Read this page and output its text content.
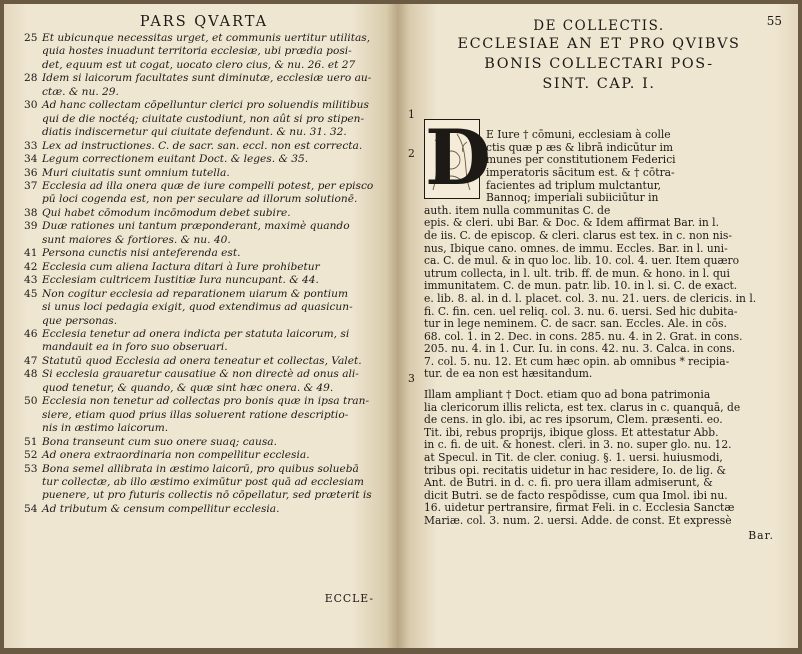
PARS QVARTA
25 Et ubicunque necessitas urget, et communis uertitur utilitas,
quia hostes inuadunt territoria ecclesiæ, ubi prædia posi-
det, equum est ut cogat, uocato clero cius, & nu. 26. et 27
28 Idem si laicorum facultates sunt diminutæ, ecclesiæ uero au-
ctæ. & nu. 29.
30 Ad hanc collectam cōpelluntur clerici pro soluendis militibus
qui de die noctéq; ciuitate custodiunt, non aût si pro stipen-
diatis indiscernetur qui ciuitate defendunt. & nu. 31. 32.
33 Lex ad instructiones. C. de sacr. san. eccl. non est correcta.
34 Legum correctionem euitant Doct. & leges. & 35.
36 Muri ciuitatis sunt omnium tutella.
37 Ecclesia ad illa onera quæ de iure compelli potest, per episco
pū loci cogenda est, non per seculare ad illorum solutionē.
38 Qui habet cōmodum incōmodum debet subire.
39 Duæ rationes uni tantum præponderant, maximè quando
sunt maiores & fortiores. & nu. 40.
41 Persona cunctis nisi anteferenda est.
42 Ecclesia cum aliena Iactura ditari à Iure prohibetur
43 Ecclesiam cultricem Iustitiæ Iura nuncupant. & 44.
45 Non cogitur ecclesia ad reparationem uiarum & pontium
si unus loci pedagia exigit, quod extendimus ad quasicun-
que personas.
46 Ecclesia tenetur ad onera indicta per statuta laicorum, si
mandauit ea in foro suo obseruari.
47 Statutū quod Ecclesia ad onera teneatur et collectas, Valet.
48 Si ecclesia grauaretur causatiue & non directè ad onus ali-
quod tenetur, & quando, & quæ sint hæc onera. & 49.
50 Ecclesia non tenetur ad collectas pro bonis quæ in ipsa tran-
siere, etiam quod prius illas soluerent ratione descriptio-
nis in æstimo laicorum.
51 Bona transeunt cum suo onere suaq; causa.
52 Ad onera extraordinaria non compellitur ecclesia.
53 Bona semel allibrata in æstimo laicorū, pro quibus soluebā
tur collectæ, ab illo æstimo eximūtur post quā ad ecclesiam
puenere, ut pro futuris collectis nō cōpellatur, sed præterit is
54 Ad tributum & censum compellitur ecclesia.
ECCLE-
DE COLLECTIS.	55
ECCLESIAE AN ET PRO QVIBVS
BONIS COLLECTARI POS-
SINT. CAP. I.
1
2
3

D

E Iure † cōmuni, ecclesiam à colle
ctis quæ p æs & librā indicūtur im
munes per constitutionem Federici
imperatoris sācitum est. & † cōtra-
facientes ad triplum mulctantur,
Bannoq; imperiali subiiciūtur in
auth. item nulla communitas C. de
epis. & cleri. ubi Bar. & Doc. & Idem affirmat Bar. in l.
de iis. C. de episcop. & cleri. clarus est tex. in c. non nis-
nus, Ibique cano. omnes. de immu. Eccles. Bar. in l. uni-
ca. C. de mul. & in quo loc. lib. 10. col. 4. uer. Item quæro
utrum collecta, in l. ult. trib. ff. de mun. & hono. in l. qui
immunitatem. C. de mun. patr. lib. 10. in l. si. C. de exact.
e. lib. 8. al. in d. l. placet. col. 3. nu. 21. uers. de clericis. in l.
fi. C. fin. cen. uel reliq. col. 3. nu. 6. uersi. Sed hic dubita-
tur in lege neminem. C. de sacr. san. Eccles. Ale. in cōs.
68. col. 1. in 2. Dec. in cons. 285. nu. 4. in 2. Grat. in cons.
205. nu. 4. in 1. Cur. Iu. in cons. 42. nu. 3. Calca. in cons.
7. col. 5. nu. 12. Et cum hæc opin. ab omnibus * recipia-
tur. de ea non est hæsitandum.

Illam ampliant † Doct. etiam quo ad bona patrimonia
lia clericorum illis relicta, est tex. clarus in c. quanquā, de
de cens. in glo. ibi, ac res ipsorum, Clem. præsenti. eo.
Tit. ibi, rebus proprijs, ibique gloss. Et attestatur Abb.
in c. fi. de uit. & honest. cleri. in 3. no. super glo. nu. 12.
at Specul. in Tit. de cler. coniug. §. 1. uersi. huiusmodi,
tribus opi. recitatis uidetur in hac residere, Io. de lig. &
Ant. de Butri. in d. c. fi. pro uera illam admiserunt, &
dicit Butri. se de facto respōdisse, cum qua Imol. ibi nu.
16. uidetur pertransire, firmat Feli. in c. Ecclesia Sanctæ
Mariæ. col. 3. num. 2. uersi. Adde. de const. Et expressè
Bar.
